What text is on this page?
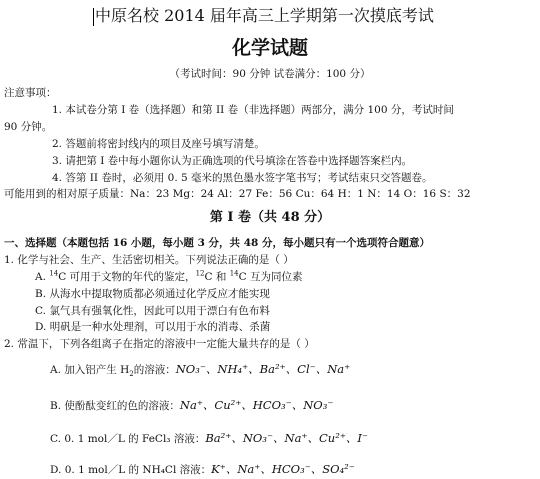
中原名校 2014 届年高三上学期第一次摸底考试
化学试题
（考试时间：90 分钟 试卷满分：100 分）
注意事项：
1. 本试卷分第 I 卷（选择题）和第 II 卷（非选择题）两部分，满分 100 分，考试时间
90 分钟。
2. 答题前将密封线内的项目及座号填写清楚。
3. 请把第 I 卷中每小题你认为正确选项的代号填涂在答卷中选择题答案栏内。
4. 答第 II 卷时，必须用 0. 5 毫米的黑色墨水签字笔书写；考试结束只交答题卷。
可能用到的相对原子质量：Na：23 Mg：24 Al：27 Fe：56 Cu：64 H：1 N：14 O：16 S：32
第 I 卷（共 48 分）
一、选择题（本题包括 16 小题，每小题 3 分，共 48 分，每小题只有一个选项符合题意）
1. 化学与社会、生产、生活密切相关。下列说法正确的是（ ）
A. $^{14}$C 可用于文物的年代的鉴定，$^{12}$C 和 $^{14}$C 互为同位素
B. 从海水中提取物质都必须通过化学反应才能实现
C. 氯气具有强氧化性，因此可以用于漂白有色布料
D. 明矾是一种水处理剂，可以用于水的消毒、杀菌
2. 常温下，下列各组离子在指定的溶液中一定能大量共存的是（ ）
A. 加入铝产生 $H_2$的溶液：NO₃⁻、NH₄⁺、Ba²⁺、Cl⁻、Na⁺
B. 使酚酞变红的色的溶液：Na⁺、Cu²⁺、HCO₃⁻、NO₃⁻
C. 0. 1 mol／L 的 FeCl₃ 溶液：Ba²⁺、NO₃⁻、Na⁺、Cu²⁺、I⁻
D. 0. 1 mol／L 的 NH₄Cl 溶液：K⁺、Na⁺、HCO₃⁻、SO₄²⁻
